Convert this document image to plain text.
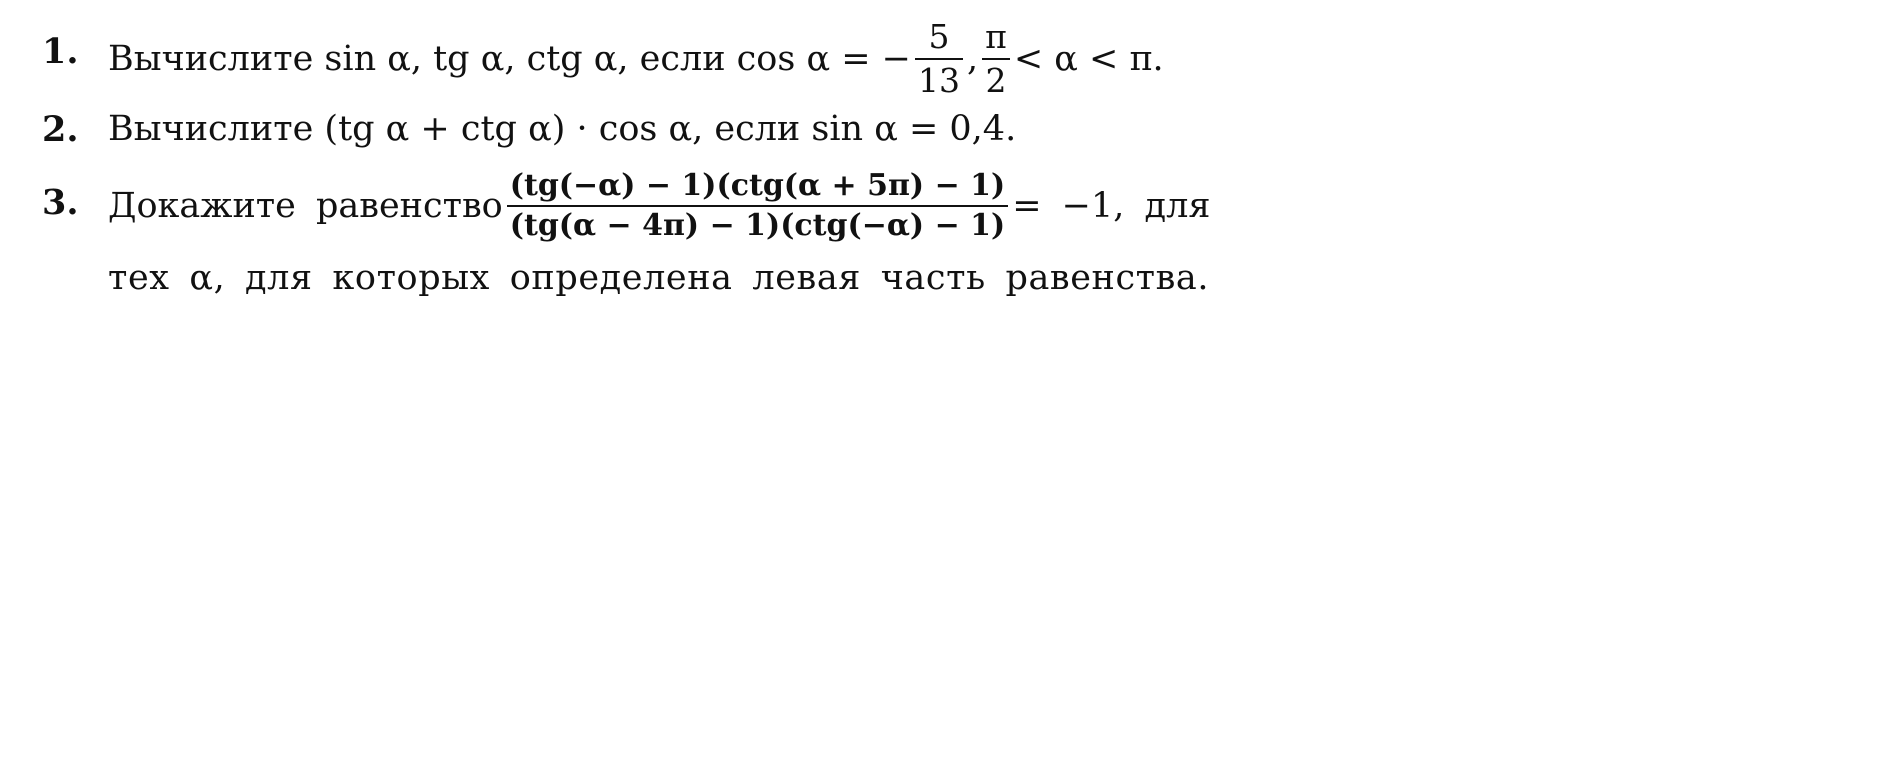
1. Вычислите sin α, tg α, ctg α, если cos α = − $\frac{5}{13}$ , $\frac{\pi}{2} < \alpha < \pi$.
2. Вычислите (tg α + ctg α) · cos α, если sin α = 0,4.
3. Докажите равенство $\frac{\text{(tg(−α) − 1)(ctg(α + 5π) − 1)}}{\text{(tg(α − 4π) − 1)(ctg(−α) − 1)}} = -1$, для
тех α, для которых определена левая часть равенства.
